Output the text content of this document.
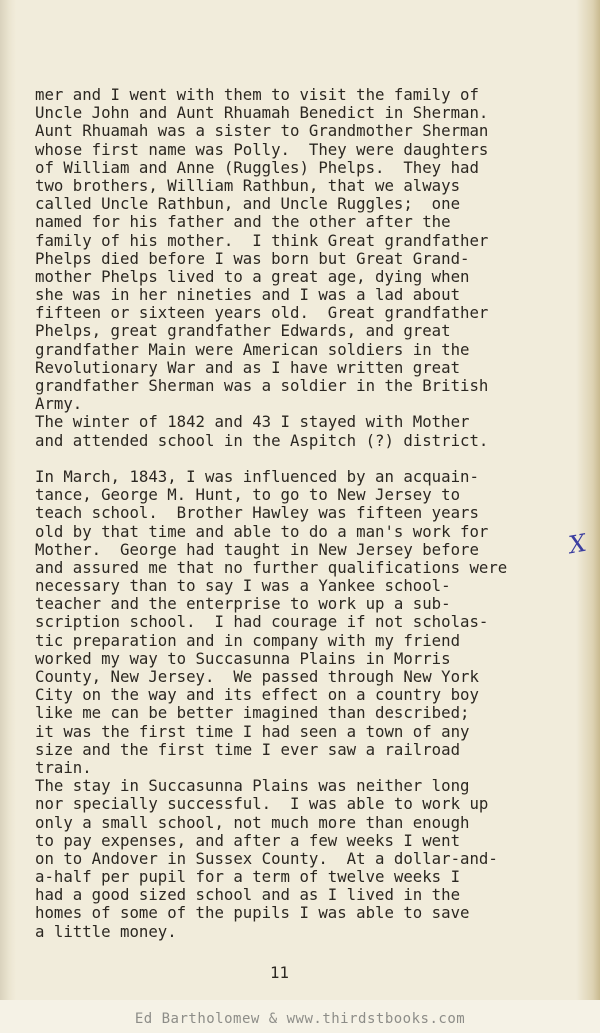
mer and I went with them to visit the family of
Uncle John and Aunt Rhuamah Benedict in Sherman.
Aunt Rhuamah was a sister to Grandmother Sherman
whose first name was Polly.  They were daughters
of William and Anne (Ruggles) Phelps.  They had
two brothers, William Rathbun, that we always
called Uncle Rathbun, and Uncle Ruggles;  one
named for his father and the other after the
family of his mother.  I think Great grandfather
Phelps died before I was born but Great Grand-
mother Phelps lived to a great age, dying when
she was in her nineties and I was a lad about
fifteen or sixteen years old.  Great grandfather
Phelps, great grandfather Edwards, and great
grandfather Main were American soldiers in the
Revolutionary War and as I have written great
grandfather Sherman was a soldier in the British
Army.
The winter of 1842 and 43 I stayed with Mother
and attended school in the Aspitch (?) district.
In March, 1843, I was influenced by an acquain-
tance, George M. Hunt, to go to New Jersey to
teach school.  Brother Hawley was fifteen years
old by that time and able to do a man's work for
Mother.  George had taught in New Jersey before
and assured me that no further qualifications were
necessary than to say I was a Yankee school-
teacher and the enterprise to work up a sub-
scription school.  I had courage if not scholas-
tic preparation and in company with my friend
worked my way to Succasunna Plains in Morris
County, New Jersey.  We passed through New York
City on the way and its effect on a country boy
like me can be better imagined than described;
it was the first time I had seen a town of any
size and the first time I ever saw a railroad
train.
The stay in Succasunna Plains was neither long
nor specially successful.  I was able to work up
only a small school, not much more than enough
to pay expenses, and after a few weeks I went
on to Andover in Sussex County.  At a dollar-and-
a-half per pupil for a term of twelve weeks I
had a good sized school and as I lived in the
homes of some of the pupils I was able to save
a little money.
X
11
Ed Bartholomew & www.thirdstbooks.com
